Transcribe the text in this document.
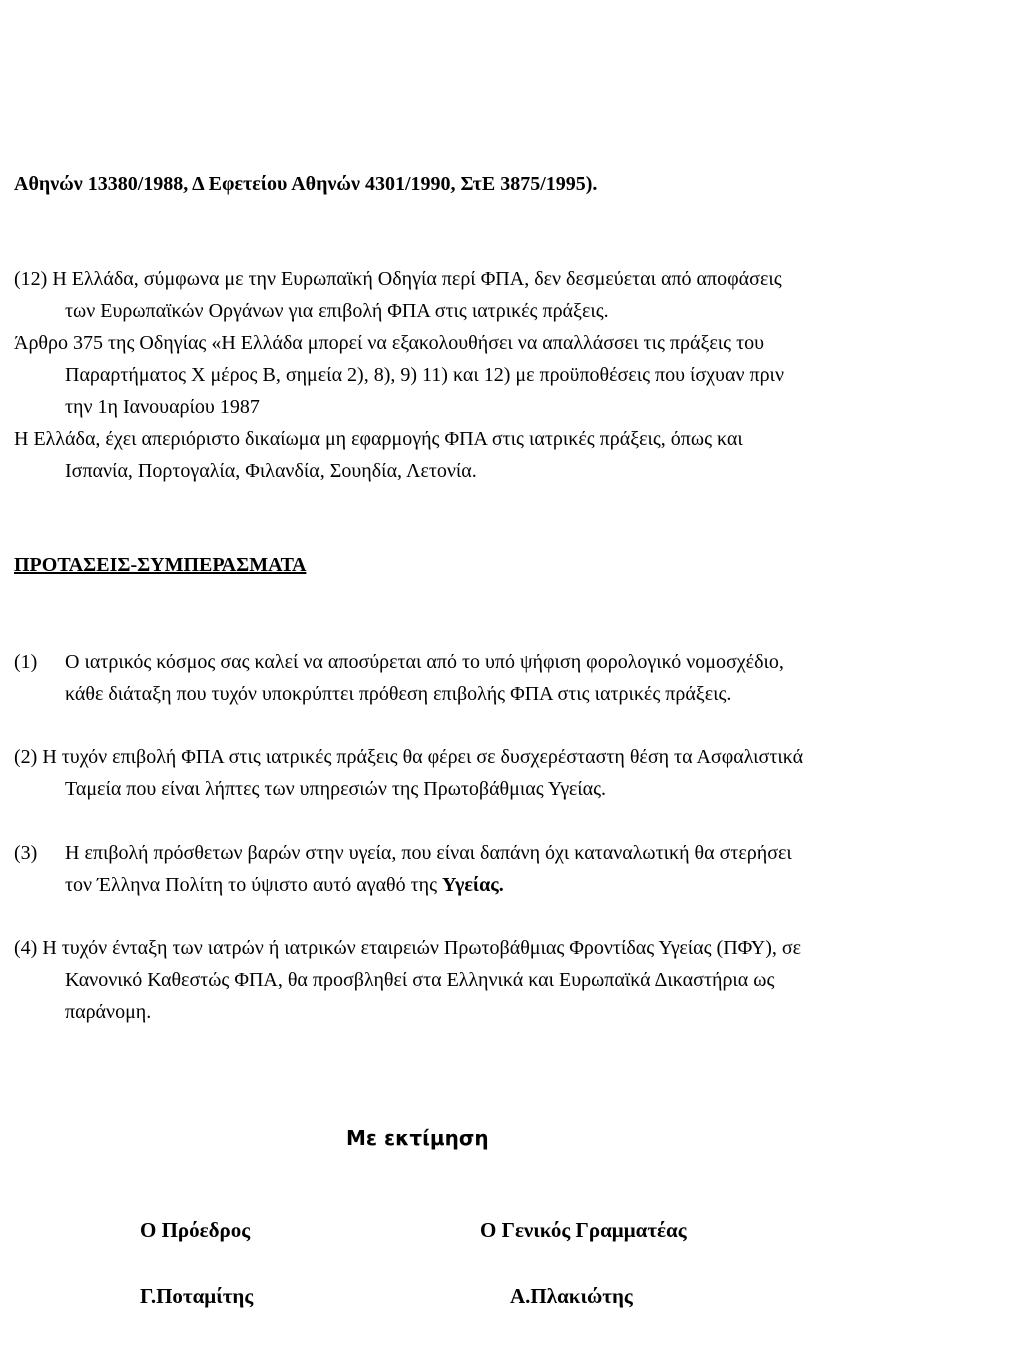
Αθηνών 13380/1988, Δ Εφετείου Αθηνών 4301/1990, ΣτΕ 3875/1995).
(12) Η Ελλάδα, σύμφωνα με την Ευρωπαϊκή Οδηγία περί ΦΠΑ, δεν δεσμεύεται από αποφάσεις
των Ευρωπαϊκών Οργάνων για επιβολή ΦΠΑ στις ιατρικές πράξεις.
Άρθρο 375 της Οδηγίας «Η Ελλάδα μπορεί να εξακολουθήσει να απαλλάσσει τις πράξεις του
Παραρτήματος Χ μέρος Β, σημεία 2), 8), 9) 11) και 12) με προϋποθέσεις που ίσχυαν πριν
την 1η Ιανουαρίου 1987
Η Ελλάδα, έχει απεριόριστο δικαίωμα μη εφαρμογής ΦΠΑ στις ιατρικές πράξεις, όπως και
Ισπανία, Πορτογαλία, Φιλανδία, Σουηδία, Λετονία.
ΠΡΟΤΑΣΕΙΣ-ΣΥΜΠΕΡΑΣΜΑΤΑ
(1) Ο ιατρικός κόσμος σας καλεί να αποσύρεται από το υπό ψήφιση φορολογικό νομοσχέδιο,
κάθε διάταξη που τυχόν υποκρύπτει πρόθεση επιβολής ΦΠΑ στις ιατρικές πράξεις.
(2) Η τυχόν επιβολή ΦΠΑ στις ιατρικές πράξεις θα φέρει σε δυσχερέσταστη θέση τα Ασφαλιστικά
Ταμεία που είναι λήπτες των υπηρεσιών της Πρωτοβάθμιας Υγείας.
(3) Η επιβολή πρόσθετων βαρών στην υγεία, που είναι δαπάνη όχι καταναλωτική θα στερήσει
τον Έλληνα Πολίτη το ύψιστο αυτό αγαθό της Υγείας.
(4) Η τυχόν ένταξη των ιατρών ή ιατρικών εταιρειών Πρωτοβάθμιας Φροντίδας Υγείας (ΠΦΥ), σε
Κανονικό Καθεστώς ΦΠΑ, θα προσβληθεί στα Ελληνικά και Ευρωπαϊκά Δικαστήρια ως
παράνομη.
Με εκτίμηση
Ο Πρόεδρος	Ο Γενικός Γραμματέας
Γ.Ποταμίτης	Α.Πλακιώτης
